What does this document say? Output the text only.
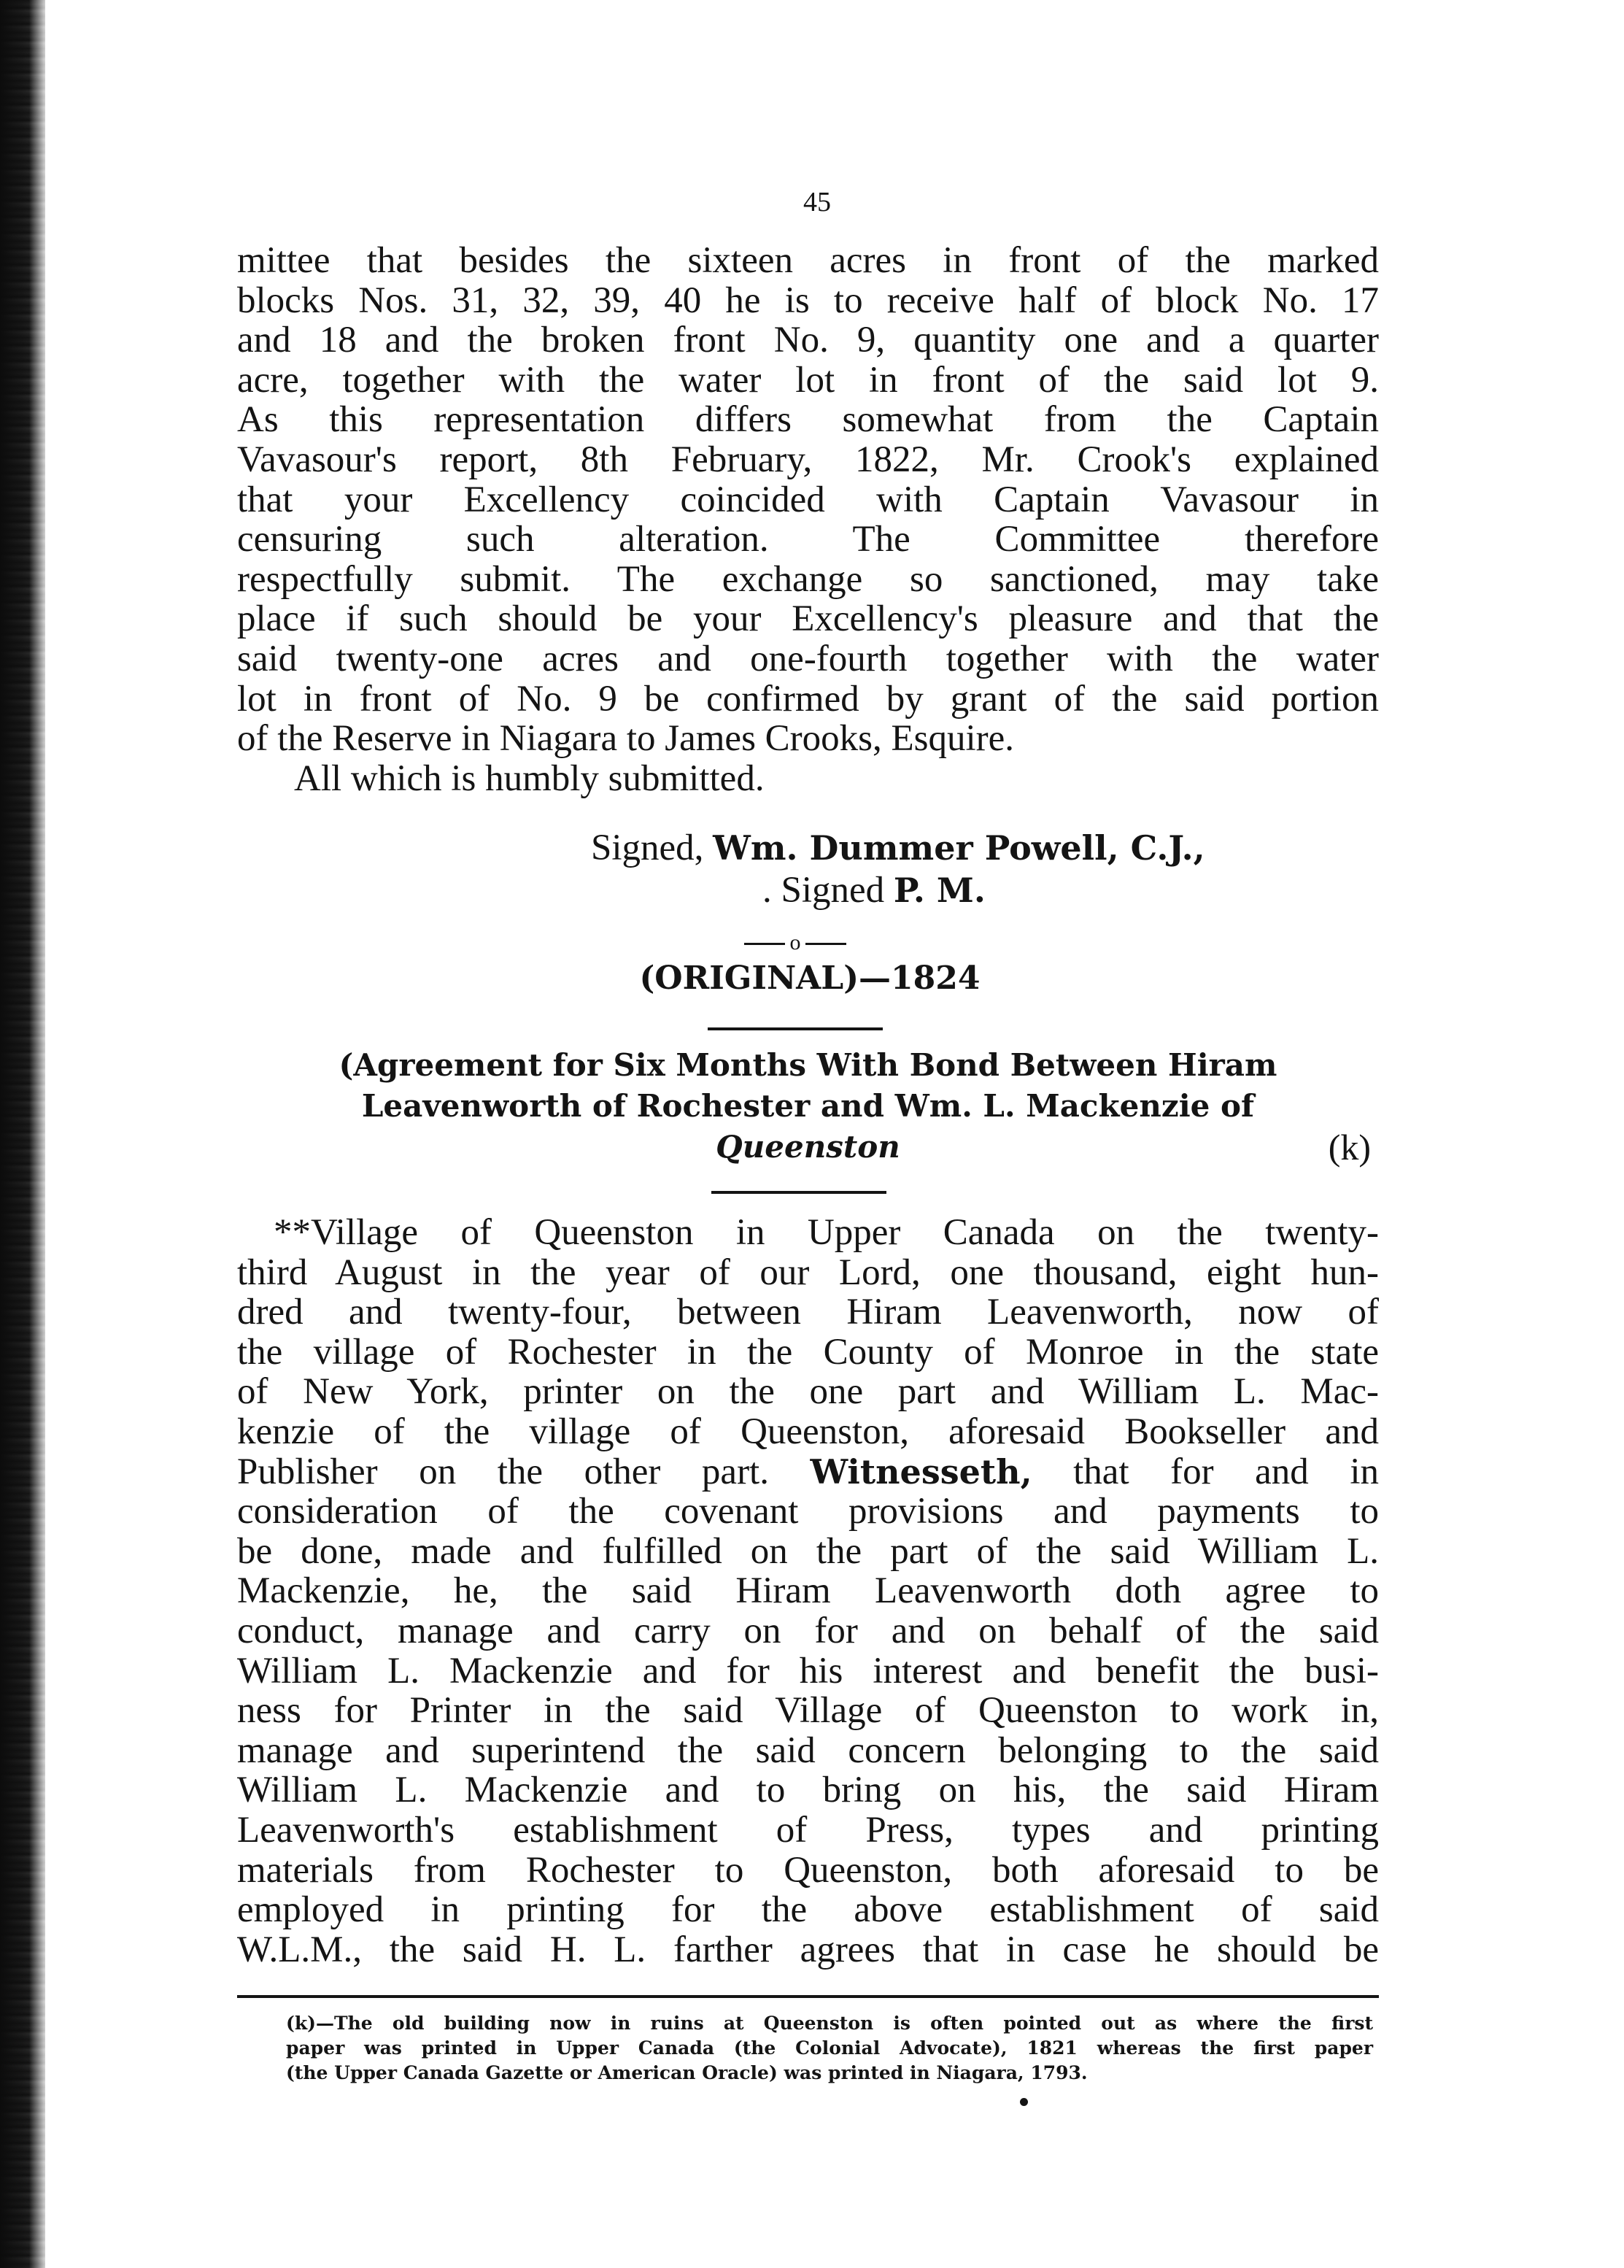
45
mittee that besides the sixteen acres in front of the marked
blocks Nos. 31, 32, 39, 40 he is to receive half of block No. 17
and 18 and the broken front No. 9, quantity one and a quarter
acre, together with the water lot in front of the said lot 9.
As this representation differs somewhat from the Captain
Vavasour's report, 8th February, 1822, Mr. Crook's explained
that your Excellency coincided with Captain Vavasour in
censuring such alteration. The Committee therefore
respectfully submit. The exchange so sanctioned, may take
place if such should be your Excellency's pleasure and that the
said twenty-one acres and one-fourth together with the water
lot in front of No. 9 be confirmed by grant of the said portion
of the Reserve in Niagara to James Crooks, Esquire.
All which is humbly submitted.
Signed, Wm. Dummer Powell, C.J.,
. Signed P. M.
o
(ORIGINAL)—1824
(Agreement for Six Months With Bond Between Hiram
Leavenworth of Rochester and Wm. L. Mackenzie of
Queenston	(k)
**Village of Queenston in Upper Canada on the twenty-
third August in the year of our Lord, one thousand, eight hun-
dred and twenty-four, between Hiram Leavenworth, now of
the village of Rochester in the County of Monroe in the state
of New York, printer on the one part and William L. Mac-
kenzie of the village of Queenston, aforesaid Bookseller and
Publisher on the other part. Witnesseth, that for and in
consideration of the covenant provisions and payments to
be done, made and fulfilled on the part of the said William L.
Mackenzie, he, the said Hiram Leavenworth doth agree to
conduct, manage and carry on for and on behalf of the said
William L. Mackenzie and for his interest and benefit the busi-
ness for Printer in the said Village of Queenston to work in,
manage and superintend the said concern belonging to the said
William L. Mackenzie and to bring on his, the said Hiram
Leavenworth's establishment of Press, types and printing
materials from Rochester to Queenston, both aforesaid to be
employed in printing for the above establishment of said
W.L.M., the said H. L. farther agrees that in case he should be
(k)—The old building now in ruins at Queenston is often pointed out as where the first
paper was printed in Upper Canada (the Colonial Advocate), 1821 whereas the first paper
(the Upper Canada Gazette or American Oracle) was printed in Niagara, 1793.
